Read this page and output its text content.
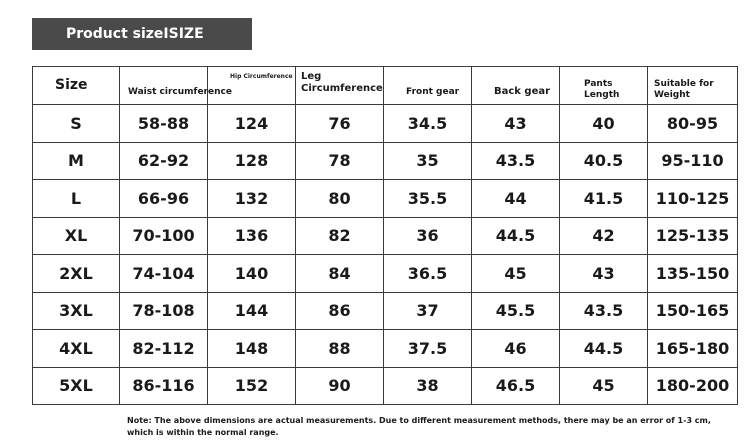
Product sizeISIZE
Size	Waist circumference	Hip Circumference	Leg Circumference	Front gear	Back gear	Pants Length	Suitable for Weight
S	58-88	124	76	34.5	43	40	80-95
M	62-92	128	78	35	43.5	40.5	95-110
L	66-96	132	80	35.5	44	41.5	110-125
XL	70-100	136	82	36	44.5	42	125-135
2XL	74-104	140	84	36.5	45	43	135-150
3XL	78-108	144	86	37	45.5	43.5	150-165
4XL	82-112	148	88	37.5	46	44.5	165-180
5XL	86-116	152	90	38	46.5	45	180-200
Note: The above dimensions are actual measurements. Due to different measurement methods, there may be an error of 1-3 cm, which is within the normal range.
